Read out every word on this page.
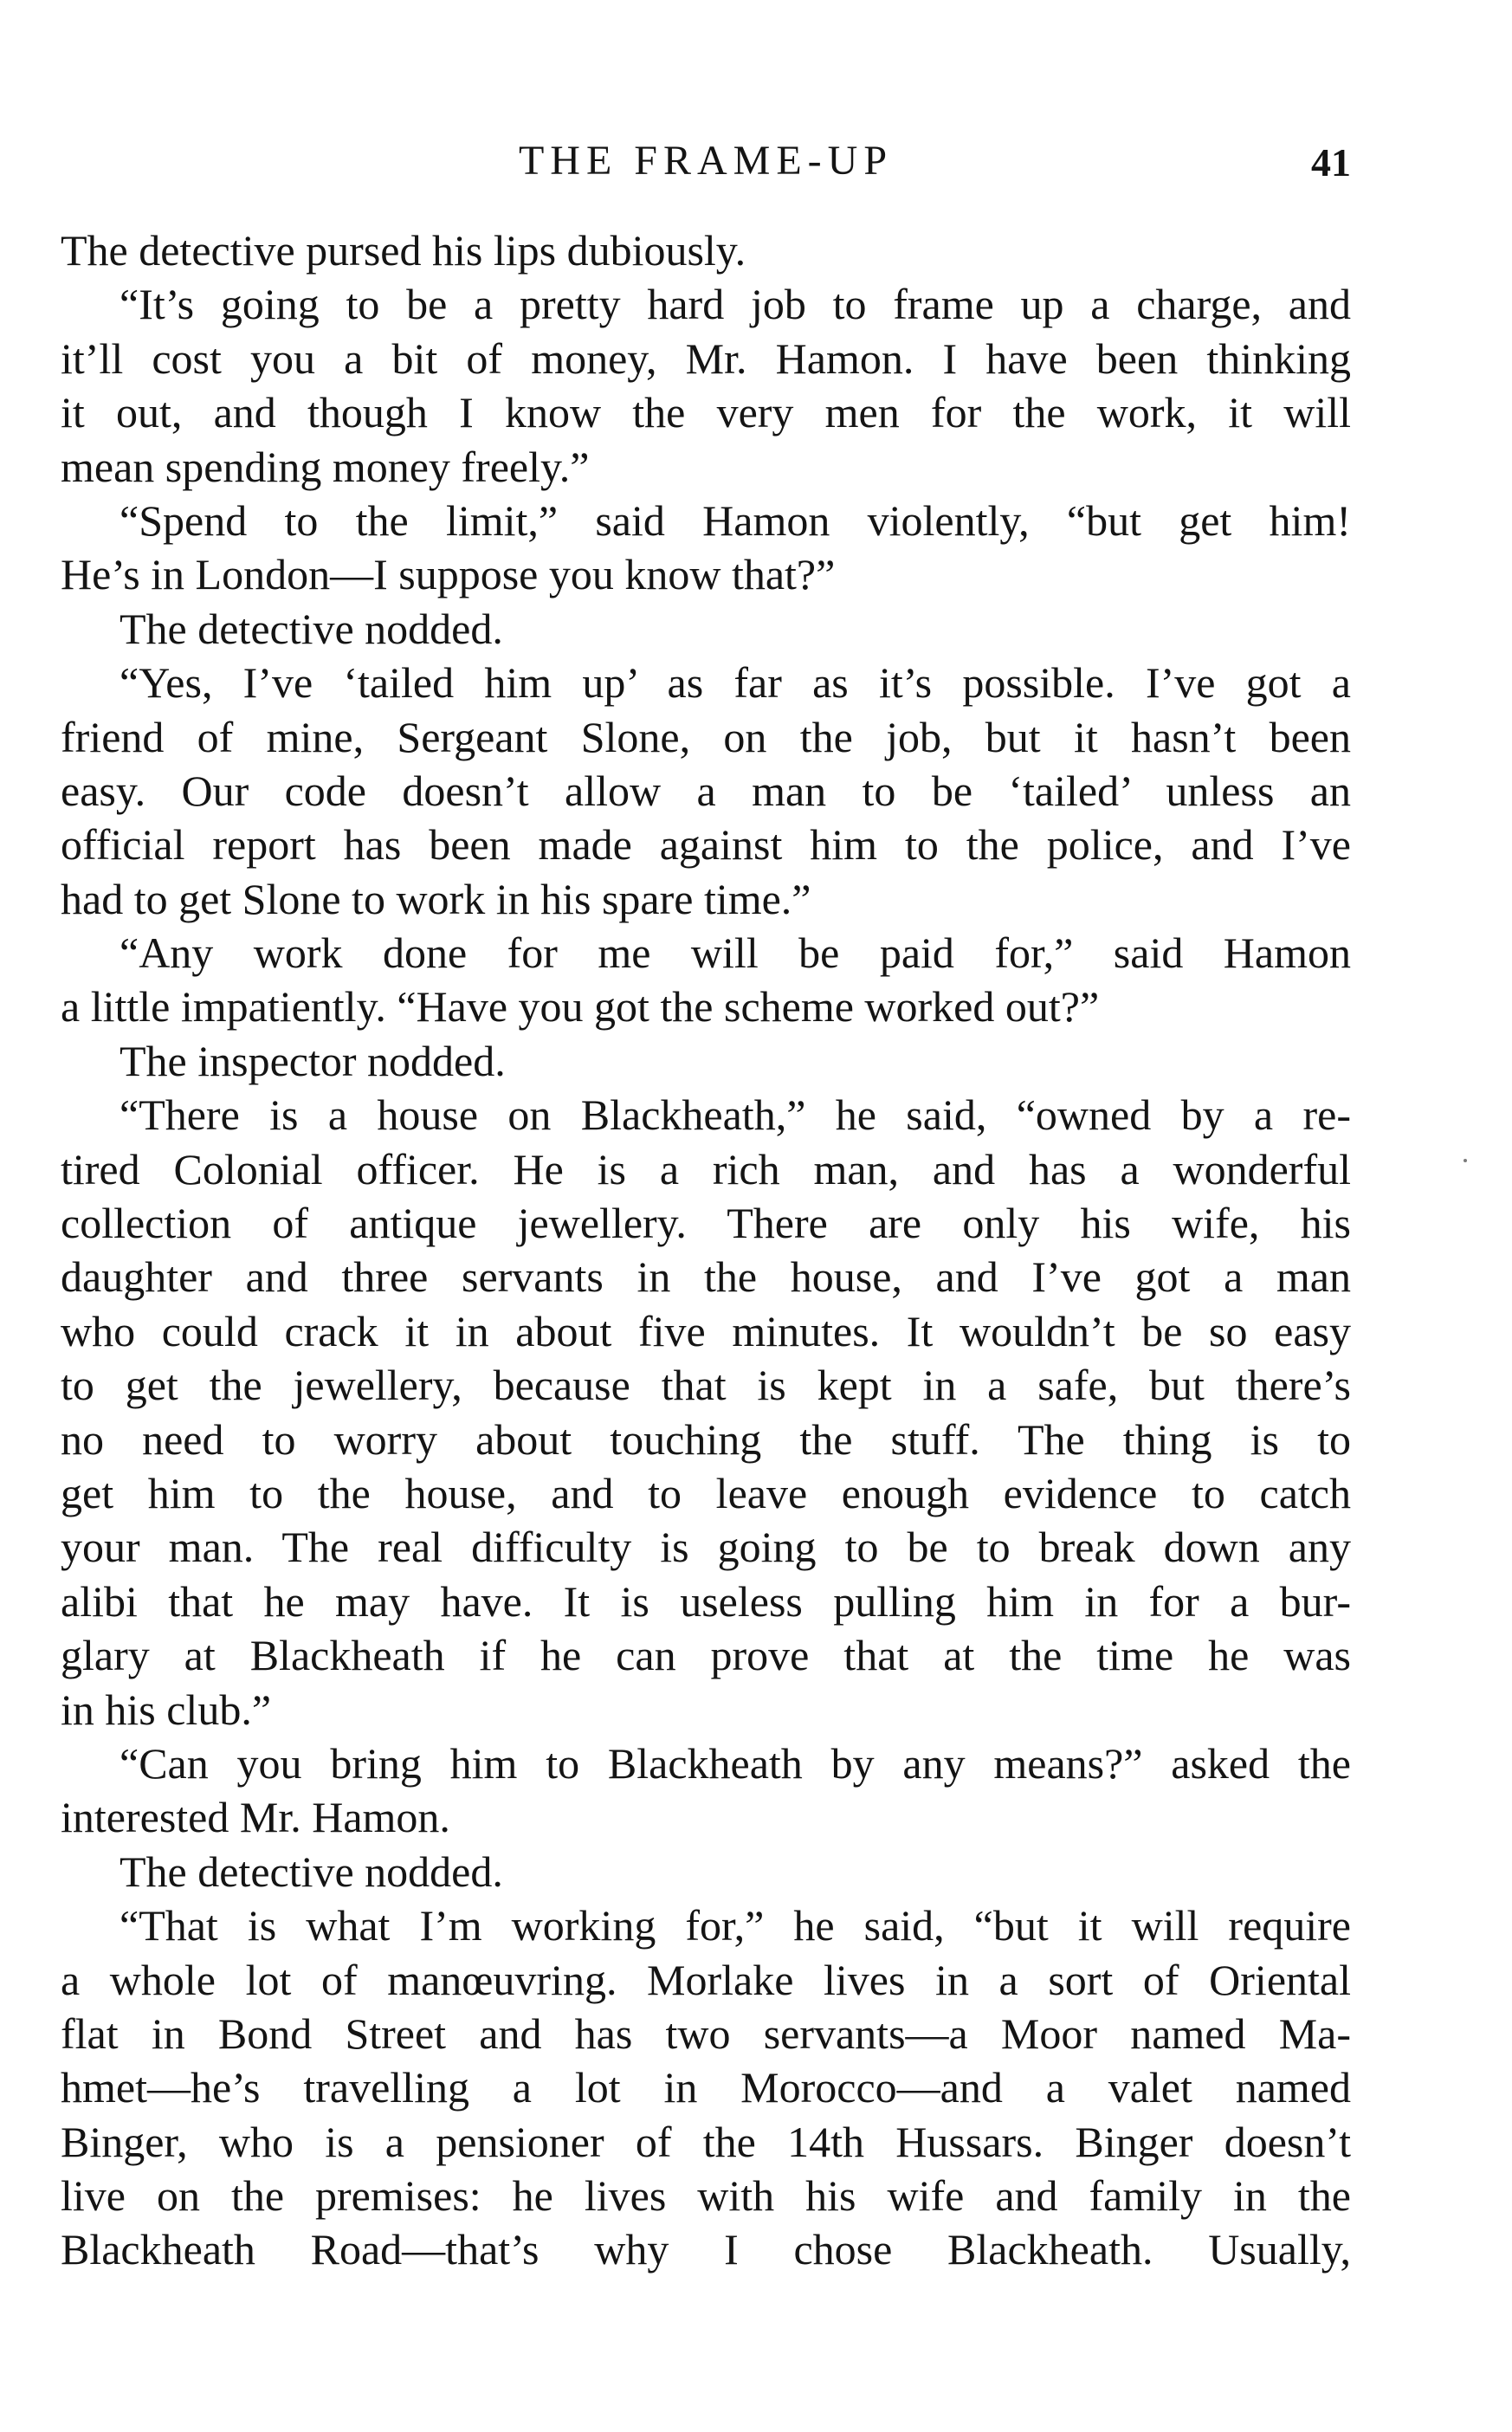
THE FRAME-UP	41
The detective pursed his lips dubiously.
“It’s going to be a pretty hard job to frame up a charge, and
it’ll cost you a bit of money, Mr. Hamon. I have been thinking
it out, and though I know the very men for the work, it will
mean spending money freely.”
“Spend to the limit,” said Hamon violently, “but get him!
He’s in London—I suppose you know that?”
The detective nodded.
“Yes, I’ve ‘tailed him up’ as far as it’s possible. I’ve got a
friend of mine, Sergeant Slone, on the job, but it hasn’t been
easy. Our code doesn’t allow a man to be ‘tailed’ unless an
official report has been made against him to the police, and I’ve
had to get Slone to work in his spare time.”
“Any work done for me will be paid for,” said Hamon
a little impatiently. “Have you got the scheme worked out?”
The inspector nodded.
“There is a house on Blackheath,” he said, “owned by a re-
tired Colonial officer. He is a rich man, and has a wonderful
collection of antique jewellery. There are only his wife, his
daughter and three servants in the house, and I’ve got a man
who could crack it in about five minutes. It wouldn’t be so easy
to get the jewellery, because that is kept in a safe, but there’s
no need to worry about touching the stuff. The thing is to
get him to the house, and to leave enough evidence to catch
your man. The real difficulty is going to be to break down any
alibi that he may have. It is useless pulling him in for a bur-
glary at Blackheath if he can prove that at the time he was
in his club.”
“Can you bring him to Blackheath by any means?” asked the
interested Mr. Hamon.
The detective nodded.
“That is what I’m working for,” he said, “but it will require
a whole lot of manœuvring. Morlake lives in a sort of Oriental
flat in Bond Street and has two servants—a Moor named Ma-
hmet—he’s travelling a lot in Morocco—and a valet named
Binger, who is a pensioner of the 14th Hussars. Binger doesn’t
live on the premises: he lives with his wife and family in the
Blackheath Road—that’s why I chose Blackheath. Usually,
